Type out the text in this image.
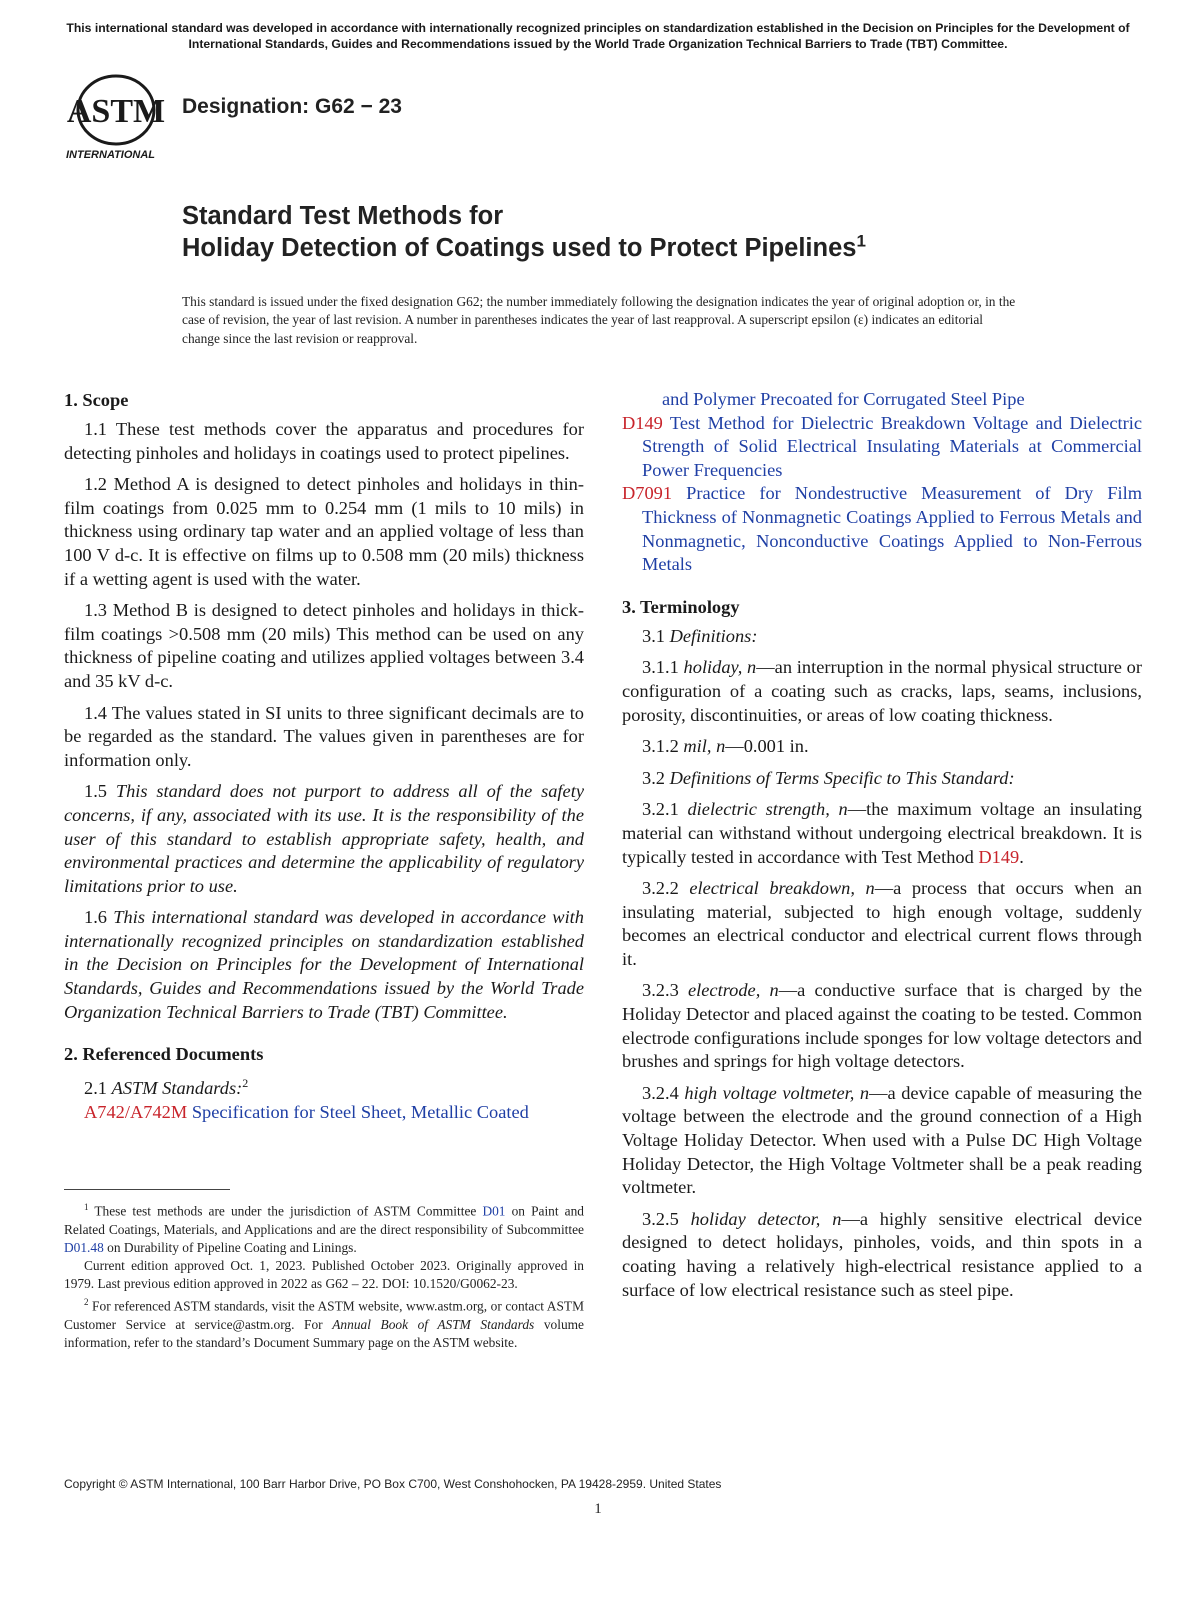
This international standard was developed in accordance with internationally recognized principles on standardization established in the Decision on Principles for the Development of International Standards, Guides and Recommendations issued by the World Trade Organization Technical Barriers to Trade (TBT) Committee.
ASTM
INTERNATIONAL
Designation: G62 − 23
Standard Test Methods for
Holiday Detection of Coatings used to Protect Pipelines$^1$
This standard is issued under the fixed designation G62; the number immediately following the designation indicates the year of original adoption or, in the case of revision, the year of last revision. A number in parentheses indicates the year of last reapproval. A superscript epsilon (ε) indicates an editorial change since the last revision or reapproval.
1. Scope

1.1 These test methods cover the apparatus and procedures for detecting pinholes and holidays in coatings used to protect pipelines.

1.2 Method A is designed to detect pinholes and holidays in thin-film coatings from 0.025 mm to 0.254 mm (1 mils to 10 mils) in thickness using ordinary tap water and an applied voltage of less than 100 V d-c. It is effective on films up to 0.508 mm (20 mils) thickness if a wetting agent is used with the water.

1.3 Method B is designed to detect pinholes and holidays in thick-film coatings >0.508 mm (20 mils) This method can be used on any thickness of pipeline coating and utilizes applied voltages between 3.4 and 35 kV d-c.

1.4 The values stated in SI units to three significant decimals are to be regarded as the standard. The values given in parentheses are for information only.

1.5 This standard does not purport to address all of the safety concerns, if any, associated with its use. It is the responsibility of the user of this standard to establish appropriate safety, health, and environmental practices and determine the applicability of regulatory limitations prior to use.

1.6 This international standard was developed in accordance with internationally recognized principles on standardization established in the Decision on Principles for the Development of International Standards, Guides and Recommendations issued by the World Trade Organization Technical Barriers to Trade (TBT) Committee.

2. Referenced Documents

2.1 ASTM Standards:$^2$

A742/A742M Specification for Steel Sheet, Metallic Coated

and Polymer Precoated for Corrugated Steel Pipe

D149 Test Method for Dielectric Breakdown Voltage and Dielectric Strength of Solid Electrical Insulating Materials at Commercial Power Frequencies

D7091 Practice for Nondestructive Measurement of Dry Film Thickness of Nonmagnetic Coatings Applied to Ferrous Metals and Nonmagnetic, Nonconductive Coatings Applied to Non-Ferrous Metals

3. Terminology

3.1 Definitions:

3.1.1 holiday, n—an interruption in the normal physical structure or configuration of a coating such as cracks, laps, seams, inclusions, porosity, discontinuities, or areas of low coating thickness.

3.1.2 mil, n—0.001 in.

3.2 Definitions of Terms Specific to This Standard:

3.2.1 dielectric strength, n—the maximum voltage an insulating material can withstand without undergoing electrical breakdown. It is typically tested in accordance with Test Method D149.

3.2.2 electrical breakdown, n—a process that occurs when an insulating material, subjected to high enough voltage, suddenly becomes an electrical conductor and electrical current flows through it.

3.2.3 electrode, n—a conductive surface that is charged by the Holiday Detector and placed against the coating to be tested. Common electrode configurations include sponges for low voltage detectors and brushes and springs for high voltage detectors.

3.2.4 high voltage voltmeter, n—a device capable of measuring the voltage between the electrode and the ground connection of a High Voltage Holiday Detector. When used with a Pulse DC High Voltage Holiday Detector, the High Voltage Voltmeter shall be a peak reading voltmeter.

3.2.5 holiday detector, n—a highly sensitive electrical device designed to detect holidays, pinholes, voids, and thin spots in a coating having a relatively high-electrical resistance applied to a surface of low electrical resistance such as steel pipe.

$^1$ These test methods are under the jurisdiction of ASTM Committee D01 on Paint and Related Coatings, Materials, and Applications and are the direct responsibility of Subcommittee D01.48 on Durability of Pipeline Coating and Linings.

Current edition approved Oct. 1, 2023. Published October 2023. Originally approved in 1979. Last previous edition approved in 2022 as G62 – 22. DOI: 10.1520/G0062-23.

$^2$ For referenced ASTM standards, visit the ASTM website, www.astm.org, or contact ASTM Customer Service at service@astm.org. For Annual Book of ASTM Standards volume information, refer to the standard’s Document Summary page on the ASTM website.

Copyright © ASTM International, 100 Barr Harbor Drive, PO Box C700, West Conshohocken, PA 19428-2959. United States
1
